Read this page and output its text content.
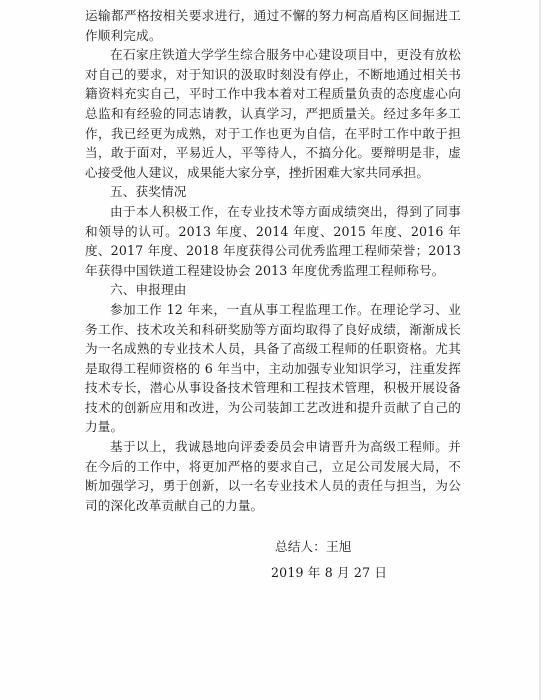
运输都严格按相关要求进行，通过不懈的努力柯高盾构区间掘进工作顺利完成。

在石家庄铁道大学学生综合服务中心建设项目中，更没有放松对自己的要求，对于知识的汲取时刻没有停止，不断地通过相关书籍资料充实自己，平时工作中我本着对工程质量负责的态度虚心向总监和有经验的同志请教，认真学习，严把质量关。经过多年多工作，我已经更为成熟，对于工作也更为自信，在平时工作中敢于担当，敢于面对，平易近人，平等待人，不搞分化。要辩明是非，虚心接受他人建议，成果能大家分享，挫折困难大家共同承担。

五、获奖情况

由于本人积极工作，在专业技术等方面成绩突出，得到了同事和领导的认可。2013 年度、2014 年度、2015 年度、2016 年度、2017 年度、2018 年度获得公司优秀监理工程师荣誉；2013 年获得中国铁道工程建设协会 2013 年度优秀监理工程师称号。

六、申报理由

参加工作 12 年来，一直从事工程监理工作。在理论学习、业务工作、技术攻关和科研奖励等方面均取得了良好成绩，渐渐成长为一名成熟的专业技术人员，具备了高级工程师的任职资格。尤其是取得工程师资格的 6 年当中，主动加强专业知识学习，注重发挥技术专长，潜心从事设备技术管理和工程技术管理，积极开展设备技术的创新应用和改进，为公司装卸工艺改进和提升贡献了自己的力量。

基于以上，我诚恳地向评委委员会申请晋升为高级工程师。并在今后的工作中，将更加严格的要求自己，立足公司发展大局，不断加强学习，勇于创新，以一名专业技术人员的责任与担当，为公司的深化改革贡献自己的力量。

总结人：王旭

2019 年 8 月 27 日
